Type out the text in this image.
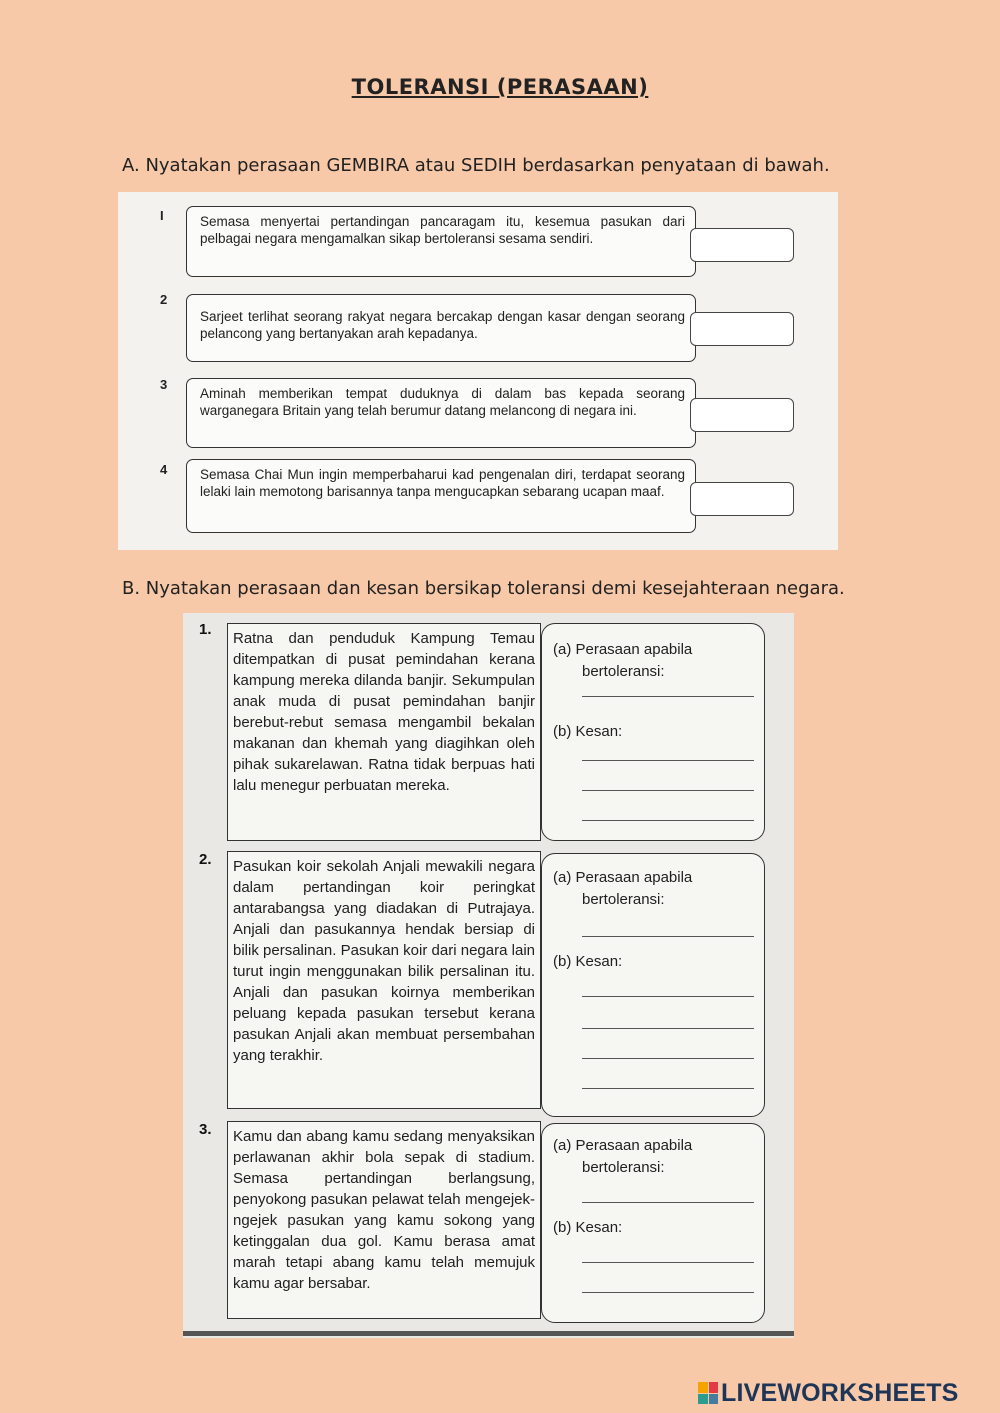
TOLERANSI (PERASAAN)
A. Nyatakan perasaan GEMBIRA atau SEDIH berdasarkan penyataan di bawah.
I	Semasa menyertai pertandingan pancaragam itu, kesemua pasukan dari pelbagai negara mengamalkan sikap bertoleransi sesama sendiri.
2
Sarjeet terlihat seorang rakyat negara bercakap dengan kasar dengan seorang pelancong yang bertanyakan arah kepadanya.
3
Aminah memberikan tempat duduknya di dalam bas kepada seorang warganegara Britain yang telah berumur datang melancong di negara ini.
4	Semasa Chai Mun ingin memperbaharui kad pengenalan diri, terdapat seorang lelaki lain memotong barisannya tanpa mengucapkan sebarang ucapan maaf.
B. Nyatakan perasaan dan kesan bersikap toleransi demi kesejahteraan negara.
1.
Ratna dan penduduk Kampung Temau ditempatkan di pusat pemindahan kerana kampung mereka dilanda banjir. Sekumpulan anak muda di pusat pemindahan banjir berebut-rebut semasa mengambil bekalan makanan dan khemah yang diagihkan oleh pihak sukarelawan. Ratna tidak berpuas hati lalu menegur perbuatan mereka.
(a) Perasaan apabila
bertoleransi:
(b) Kesan:
2.	Pasukan koir sekolah Anjali mewakili negara dalam pertandingan koir peringkat antarabangsa yang diadakan di Putrajaya. Anjali dan pasukannya hendak bersiap di bilik persalinan. Pasukan koir dari negara lain turut ingin menggunakan bilik persalinan itu. Anjali dan pasukan koirnya memberikan peluang kepada pasukan tersebut kerana pasukan Anjali akan membuat persembahan yang terakhir.
(a) Perasaan apabila
bertoleransi:
(b) Kesan:
3.	Kamu dan abang kamu sedang menyaksikan perlawanan akhir bola sepak di stadium. Semasa pertandingan berlangsung, penyokong pasukan pelawat telah mengejek-ngejek pasukan yang kamu sokong yang ketinggalan dua gol. Kamu berasa amat marah tetapi abang kamu telah memujuk kamu agar bersabar.
(a) Perasaan apabila
bertoleransi:
(b) Kesan:
LIVEWORKSHEETS
